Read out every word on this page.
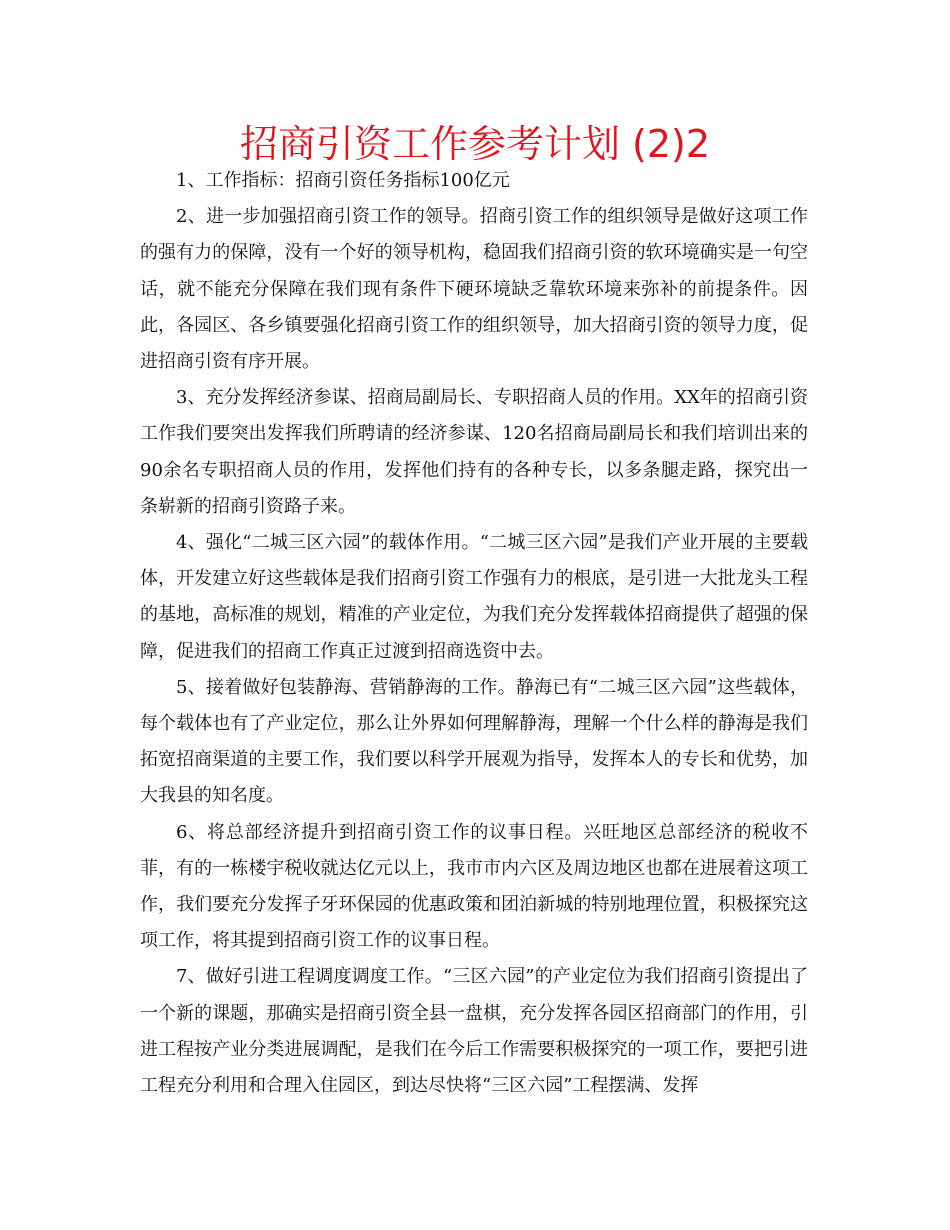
招商引资工作参考计划 (2)2

1、工作指标：招商引资任务指标100亿元

2、进一步加强招商引资工作的领导。招商引资工作的组织领导是做好这项工作的强有力的保障，没有一个好的领导机构，稳固我们招商引资的软环境确实是一句空话，就不能充分保障在我们现有条件下硬环境缺乏靠软环境来弥补的前提条件。因此，各园区、各乡镇要强化招商引资工作的组织领导，加大招商引资的领导力度，促进招商引资有序开展。

3、充分发挥经济参谋、招商局副局长、专职招商人员的作用。XX年的招商引资工作我们要突出发挥我们所聘请的经济参谋、120名招商局副局长和我们培训出来的90余名专职招商人员的作用，发挥他们持有的各种专长，以多条腿走路，探究出一条崭新的招商引资路子来。

4、强化“二城三区六园”的载体作用。“二城三区六园”是我们产业开展的主要载体，开发建立好这些载体是我们招商引资工作强有力的根底，是引进一大批龙头工程的基地，高标准的规划，精准的产业定位，为我们充分发挥载体招商提供了超强的保障，促进我们的招商工作真正过渡到招商选资中去。

5、接着做好包装静海、营销静海的工作。静海已有“二城三区六园”这些载体，每个载体也有了产业定位，那么让外界如何理解静海，理解一个什么样的静海是我们拓宽招商渠道的主要工作，我们要以科学开展观为指导，发挥本人的专长和优势，加大我县的知名度。

6、将总部经济提升到招商引资工作的议事日程。兴旺地区总部经济的税收不菲，有的一栋楼宇税收就达亿元以上，我市市内六区及周边地区也都在进展着这项工作，我们要充分发挥子牙环保园的优惠政策和团泊新城的特别地理位置，积极探究这项工作，将其提到招商引资工作的议事日程。

7、做好引进工程调度调度工作。“三区六园”的产业定位为我们招商引资提出了一个新的课题，那确实是招商引资全县一盘棋，充分发挥各园区招商部门的作用，引进工程按产业分类进展调配，是我们在今后工作需要积极探究的一项工作，要把引进工程充分利用和合理入住园区，到达尽快将“三区六园”工程摆满、发挥
